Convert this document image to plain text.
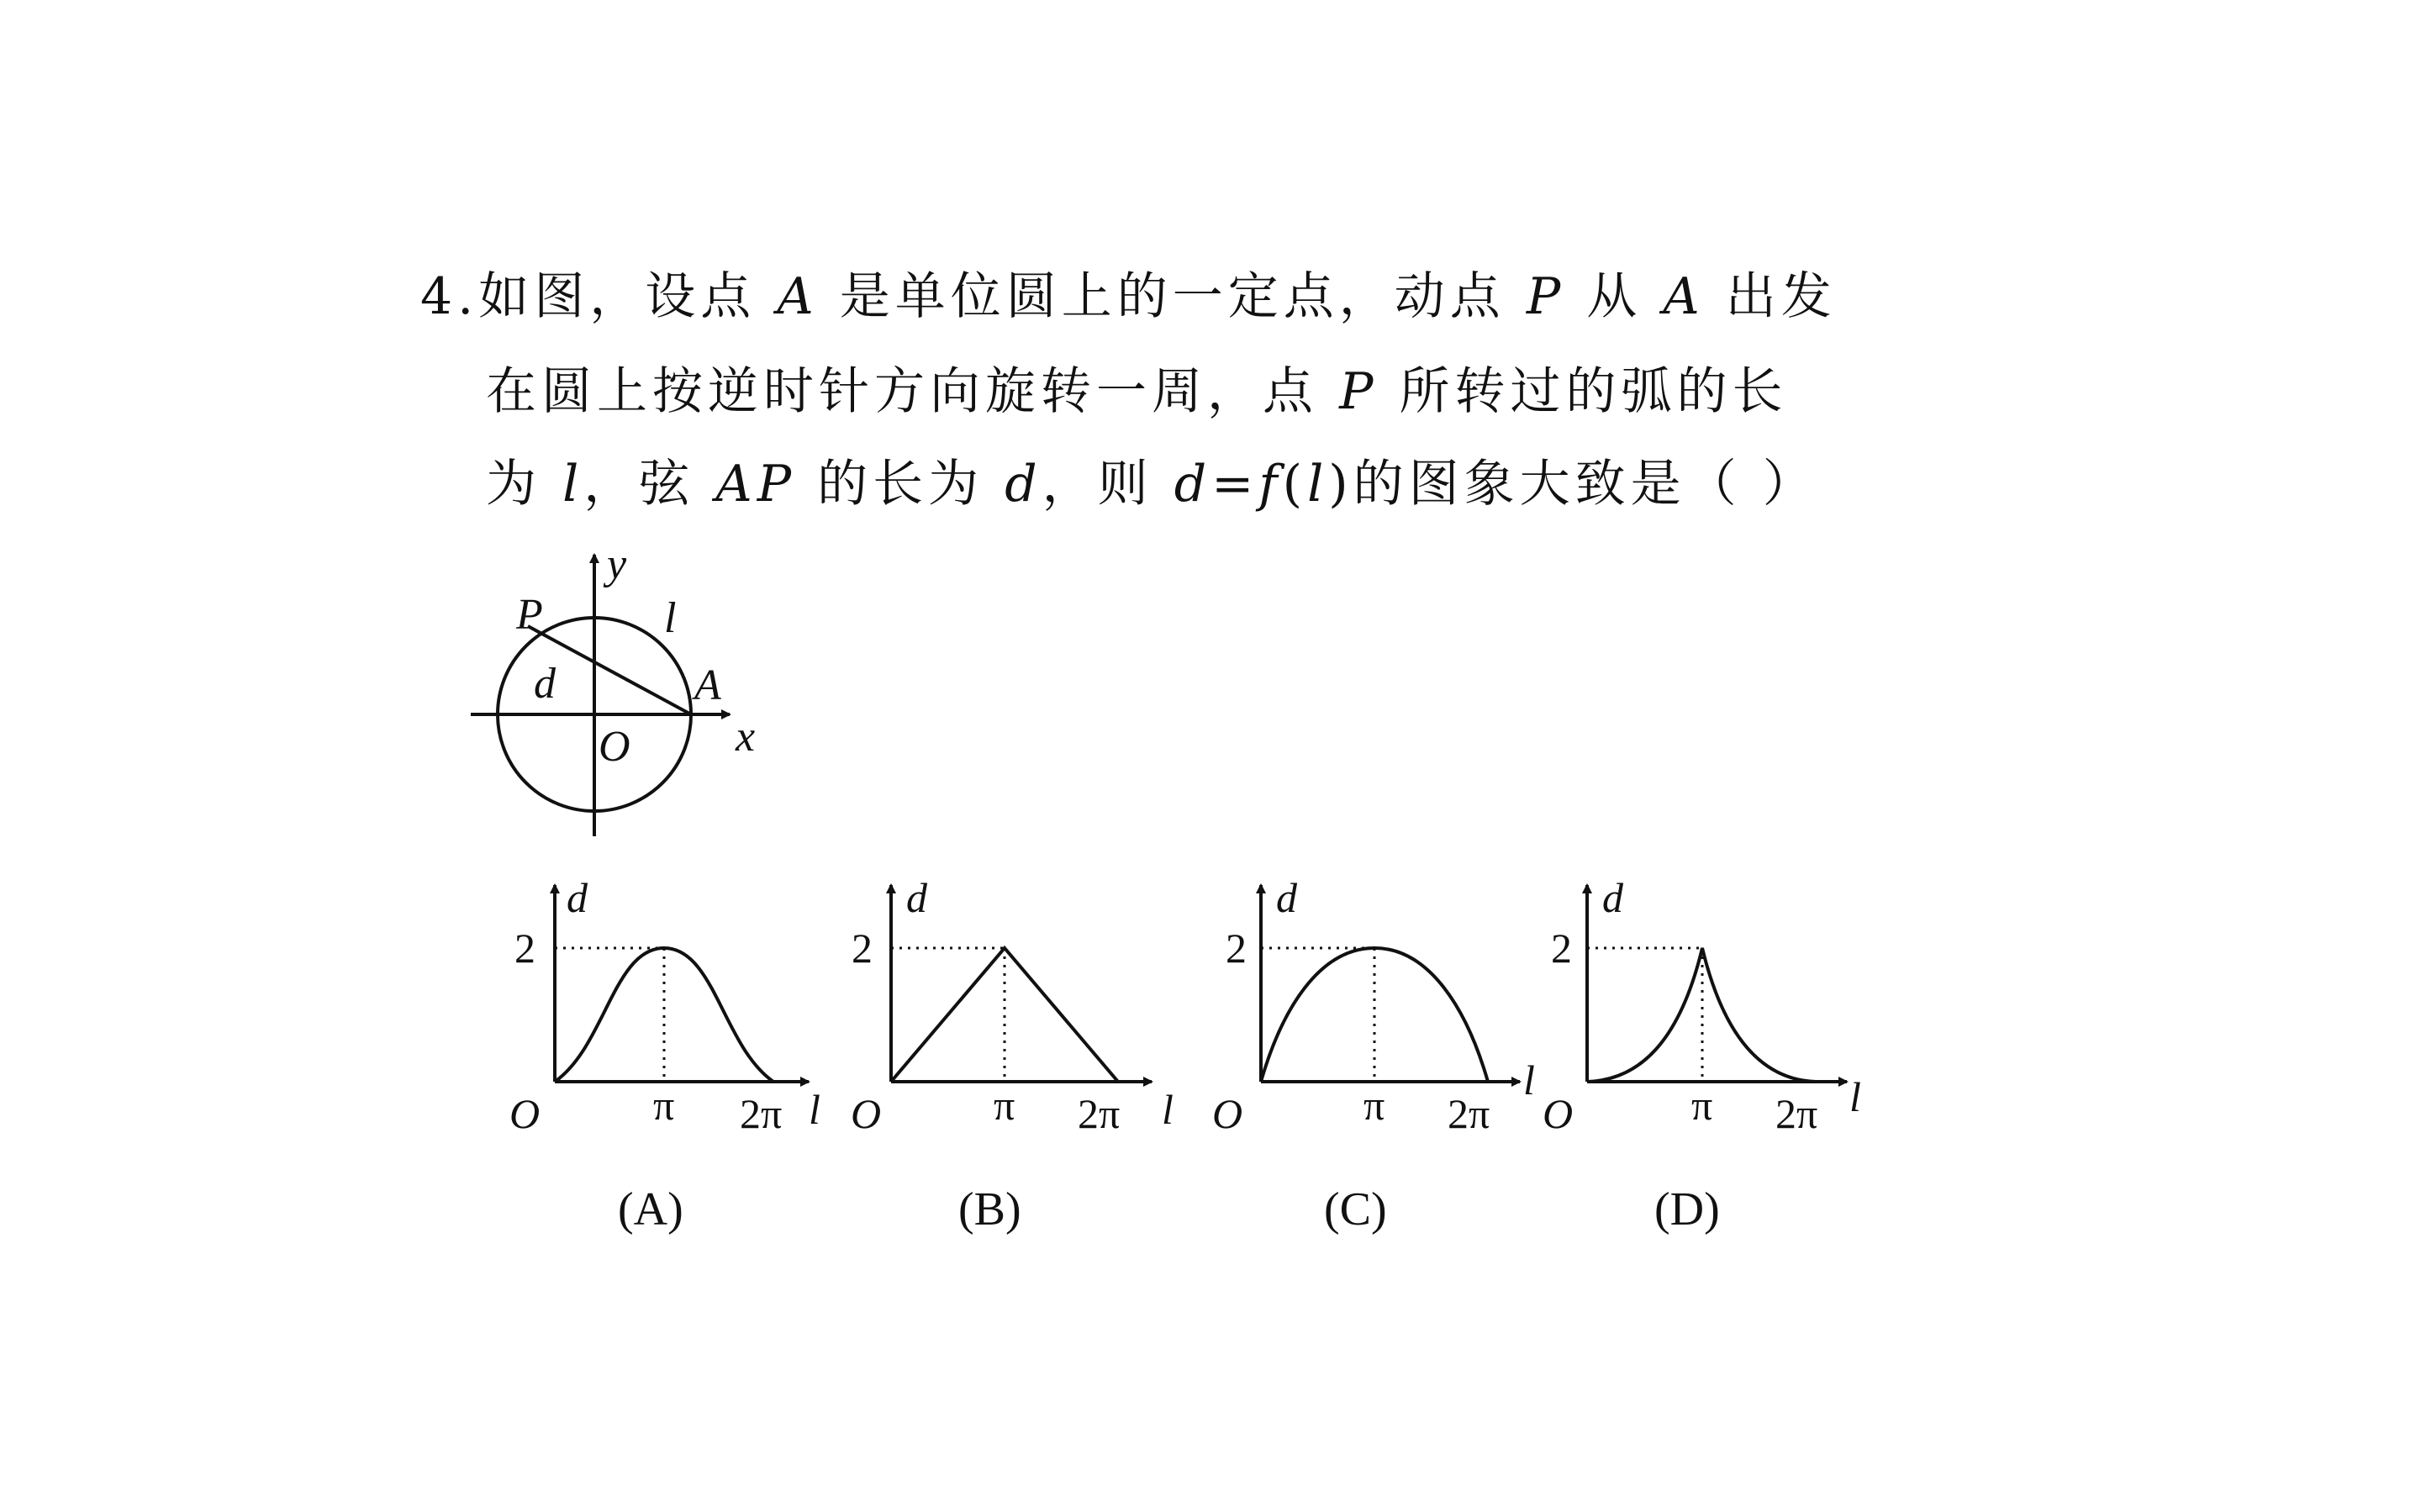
4.如图，设点 A 是单位圆上的一定点，动点 P 从 A 出发
在圆上按逆时针方向旋转一周，点 P 所转过的弧的长
为 l，弦 AP 的长为 d，则 d=f(l)的图象大致是（ ）
y
x
O
P
A
d
l
d
2
O	π 2π l
(A)
d
2
O	π 2π l
(B)
d
2
O	π 2π
l
(C)
d
2
O	π 2π l
(D)
